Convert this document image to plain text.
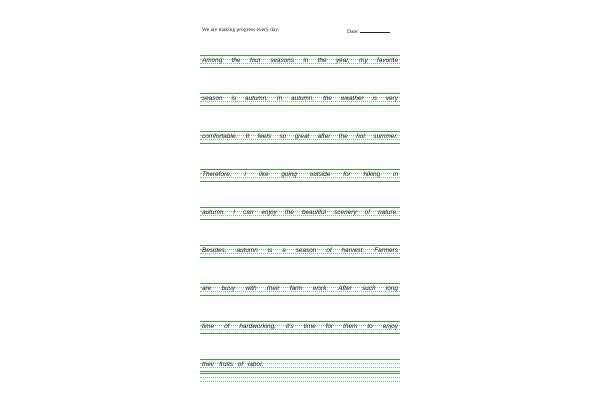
We are making progress every day.	Date:
Among the four seasons in the year, my favorite
season is autumn. In autumn, the weather is very
comfortable. It feels so great after the hot summer.
Therefore, I like going outside for hiking in
autumn. I can enjoy the beautiful scenery of nature.
Besides, autumn is a season of harvest. Farmers
are busy with their farm work. After such long
time of hardworking, it's time for them to enjoy
their fruits of labor.
